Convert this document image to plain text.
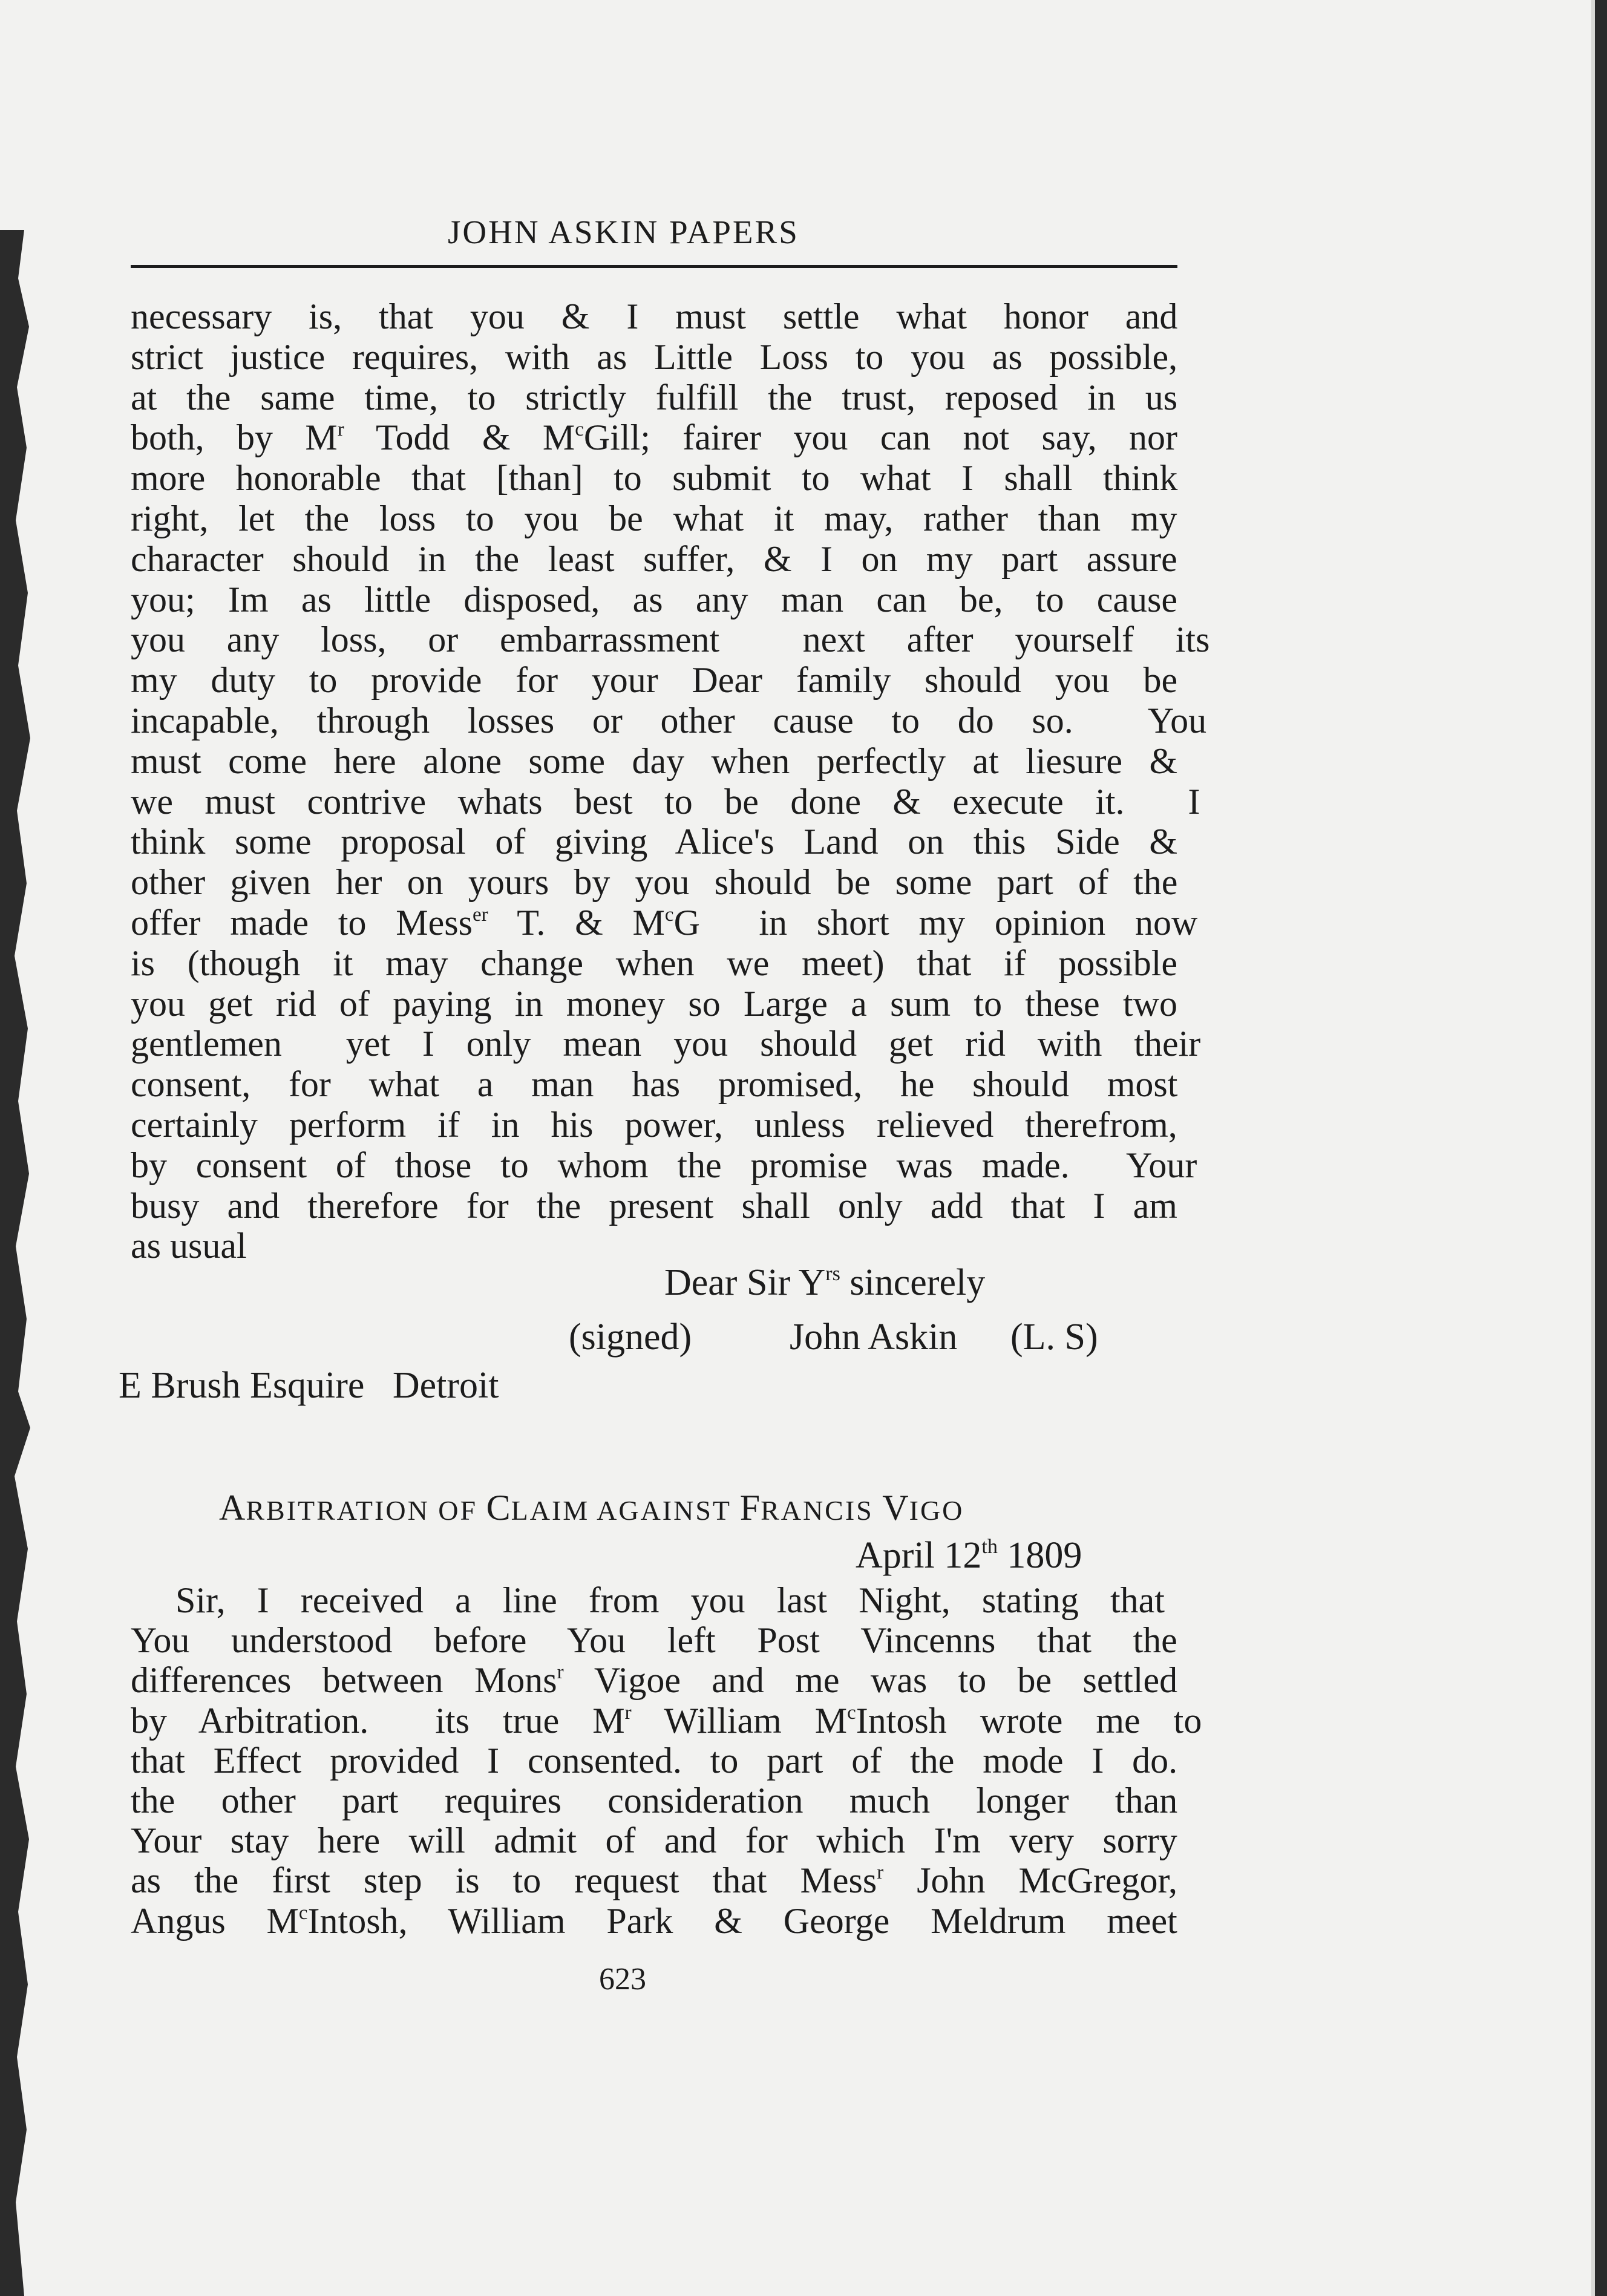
JOHN ASKIN PAPERS
necessary is, that you & I must settle what honor and
strict justice requires, with as Little Loss to you as possible,
at the same time, to strictly fulfill the trust, reposed in us
both, by $M^r$ Todd & $M^cGill$; fairer you can not say, nor
more honorable that [than] to submit to what I shall think
right, let the loss to you be what it may, rather than my
character should in the least suffer, & I on my part assure
you; Im as little disposed, as any man can be, to cause
you any loss, or embarrassment  next after yourself its
my duty to provide for your Dear family should you be
incapable, through losses or other cause to do so.  You
must come here alone some day when perfectly at liesure &
we must contrive whats best to be done & execute it.  I
think some proposal of giving Alice's Land on this Side &
other given her on yours by you should be some part of the
offer made to Mess$^{er}$ T. & $M^cG$  in short my opinion now
is (though it may change when we meet) that if possible
you get rid of paying in money so Large a sum to these two
gentlemen  yet I only mean you should get rid with their
consent, for what a man has promised, he should most
certainly perform if in his power, unless relieved therefrom,
by consent of those to whom the promise was made.  Your
busy and therefore for the present shall only add that I am
as usual
Dear Sir $Y^{rs}$ sincerely
(signed)	John Askin (L. S)
E Brush Esquire   Detroit
ARBITRATION OF CLAIM AGAINST FRANCIS VIGO
April 12th 1809
Sir, I received a line from you last Night, stating that
You understood before You left Post Vincenns that the
differences between Mons$^r$ Vigoe and me was to be settled
by Arbitration.  its true $M^r$ William $M^cIntosh$ wrote me to
that Effect provided I consented. to part of the mode I do.
the other part requires consideration much longer than
Your stay here will admit of and for which I'm very sorry
as the first step is to request that Mess$^r$ John McGregor,
Angus $M^cIntosh$, William Park & George Meldrum meet
623
